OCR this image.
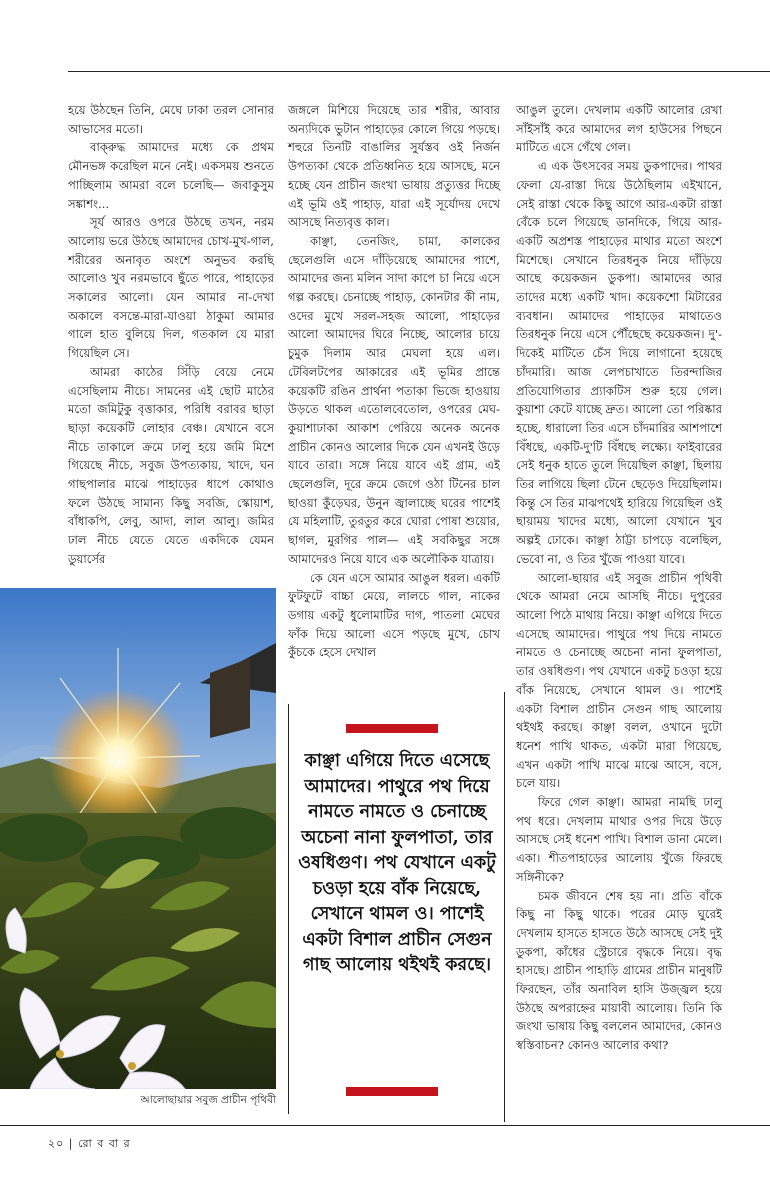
হয়ে উঠছেন তিনি, মেঘে ঢাকা তরল সোনার আভাসের মতো।

বাক্‌রুদ্ধ আমাদের মধ্যে কে প্রথম মৌনভঙ্গ করেছিল মনে নেই। একসময় শুনতে পাচ্ছিলাম আমরা বলে চলেছি— জবাকুসুম সঙ্কাশং...

সূর্য আরও ওপরে উঠছে তখন, নরম আলোয় ভরে উঠছে আমাদের চোখ-মুখ-গাল, শরীরের অনাবৃত অংশে অনুভব করছি আলোও খুব নরমভাবে ছুঁতে পারে, পাহাড়ের সকালের আলো। যেন আমার না-দেখা অকালে বসন্তে-মারা-যাওয়া ঠাকুমা আমার গালে হাত বুলিয়ে দিল, গতকাল যে মারা গিয়েছিল সে।

আমরা কাঠের সিঁড়ি বেয়ে নেমে এসেছিলাম নীচে। সামনের এই ছোট মাঠের মতো জমিটুকু বৃত্তাকার, পরিধি বরাবর ছাড়া ছাড়া কয়েকটি লোহার বেঞ্চ। যেখানে বসে নীচে তাকালে ক্রমে ঢালু হয়ে জমি মিশে গিয়েছে নীচে, সবুজ উপত্যকায়, খাদে, ঘন গাছপালার মাঝে পাহাড়ের ধাপে কোথাও ফলে উঠছে সামান্য কিছু সবজি, স্কোয়াশ, বাঁধাকপি, লেবু, আদা, লাল আলু। জমির ঢাল নীচে যেতে যেতে একদিকে যেমন ডুয়ার্সের

জঙ্গলে মিশিয়ে দিয়েছে তার শরীর, আবার অন্যদিকে ভুটান পাহাড়ের কোলে গিয়ে পড়ছে। শহুরে তিনটি বাঙালির সুর্যস্তব ওই নির্জন উপত্যকা থেকে প্রতিধ্বনিত হয়ে আসছে, মনে হচ্ছে যেন প্রাচীন জংখা ভাষায় প্রত্যুত্তর দিচ্ছে এই ভূমি ওই পাহাড়, যারা এই সূর্যোদয় দেখে আসছে নিত্যবৃত্ত কাল।

কাঞ্ছা, তেনজিং, চামা, কালকের ছেলেগুলি এসে দাঁড়িয়েছে আমাদের পাশে, আমাদের জন্য মলিন সাদা কাপে চা নিয়ে এসে গল্প করছে। চেনাচ্ছে পাহাড়, কোনটার কী নাম, ওদের মুখে সরল-সহজ আলো, পাহাড়ের আলো আমাদের ঘিরে নিচ্ছে, আলোর চায়ে চুমুক দিলাম আর মেঘলা হয়ে এল। টেবিলটপের আকারের এই ভূমির প্রান্তে কয়েকটি রঙিন প্রার্থনা পতাকা ভিজে হাওয়ায় উড়তে থাকল এতোলবেতোল, ওপরের মেঘ-কুয়াশাঢাকা আকাশ পেরিয়ে অনেক অনেক প্রাচীন কোনও আলোর দিকে যেন এখনই উড়ে যাবে তারা। সঙ্গে নিয়ে যাবে এই গ্রাম, এই ছেলেগুলি, দূরে ক্রমে জেগে ওঠা টিনের চাল ছাওয়া কুঁড়েঘর, উনুন জ্বালাচ্ছে ঘরের পাশেই যে মহিলাটি, তুরতুর করে ঘোরা পোষা শুয়োর, ছাগল, মুরগির পাল— এই সবকিছুর সঙ্গে আমাদেরও নিয়ে যাবে এক অলৌকিক যাত্রায়।

কে যেন এসে আমার আঙুল ধরল। একটি ফুটফুটে বাচ্চা মেয়ে, লালচে গাল, নাকের ডগায় একটু ধুলোমাটির দাগ, পাতলা মেঘের ফাঁক দিয়ে আলো এসে পড়ছে মুখে, চোখ কুঁচকে হেসে দেখাল

আঙুল তুলে। দেখলাম একটি আলোর রেখা সাঁইসাঁই করে আমাদের লগ হাউসের পিছনে মাটিতে এসে গেঁথে গেল।

এ এক উৎসবের সময় ডুকপাদের। পাথর ফেলা যে-রাস্তা দিয়ে উঠেছিলাম এইখানে, সেই রাস্তা থেকে কিছু আগে আর-একটা রাস্তা বেঁকে চলে গিয়েছে ডানদিকে, গিয়ে আর-একটি অপ্রশস্ত পাহাড়ের মাথার মতো অংশে মিশেছে। সেখানে তিরধনুক নিয়ে দাঁড়িয়ে আছে কয়েকজন ডুকপা। আমাদের আর তাদের মধ্যে একটি খাদ। কয়েকশো মিটারের ব্যবধান। আমাদের পাহাড়ের মাথাতেও তিরধনুক নিয়ে এসে পৌঁছেছে কয়েকজন। দু'-দিকেই মাটিতে চেঁস দিয়ে লাগানো হয়েছে চাঁদমারি। আজ লেপচাখাতে তিরন্দাজির প্রতিযোগিতার প্র্যাকটিস শুরু হয়ে গেল। কুয়াশা কেটে যাচ্ছে দ্রুত। আলো তো পরিষ্কার হচ্ছে, ধারালো তির এসে চাঁদমারির আশপাশে বিঁধছে, একটি-দু'টি বিঁধছে লক্ষ্যে। ফাইবারের সেই ধনুক হাতে তুলে দিয়েছিল কাঞ্ছা, ছিলায় তির লাগিয়ে ছিলা টেনে ছেড়েও দিয়েছিলাম। কিন্তু সে তির মাঝপথেই হারিয়ে গিয়েছিল ওই ছায়াময় খাদের মধ্যে, আলো যেখানে খুব অল্পই ঢোকে। কাঞ্ছা ঠাট্টা চাপড়ে বলেছিল, ভেবো না, ও তির খুঁজে পাওয়া যাবে।

আলো-ছায়ার এই সবুজ প্রাচীন পৃথিবী থেকে আমরা নেমে আসছি নীচে। দুপুরের আলো পিঠে মাথায় নিয়ে। কাঞ্ছা এগিয়ে দিতে এসেছে আমাদের। পাথুরে পথ দিয়ে নামতে নামতে ও চেনাচ্ছে অচেনা নানা ফুলপাতা, তার ওষধিগুণ। পথ যেখানে একটু চওড়া হয়ে বাঁক নিয়েছে, সেখানে থামল ও। পাশেই একটা বিশাল প্রাচীন সেগুন গাছ আলোয় থইথই করছে। কাঞ্ছা বলল, ওখানে দুটো ধনেশ পাখি থাকত, একটা মারা গিয়েছে, এখন একটা পাখি মাঝে মাঝে আসে, বসে, চলে যায়।

ফিরে গেল কাঞ্ছা। আমরা নামছি ঢালু পথ ধরে। দেখলাম মাথার ওপর দিয়ে উড়ে আসছে সেই ধনেশ পাখি। বিশাল ডানা মেলে। একা। শীতপাহাড়ের আলোয় খুঁজে ফিরছে সঙ্গিনীকে?

চমক জীবনে শেষ হয় না। প্রতি বাঁকে কিছু না কিছু থাকে। পরের মোড় ঘুরেই দেখলাম হাসতে হাসতে উঠে আসছে সেই দুই ডুকপা, কাঁধের স্ট্রেচারে বৃদ্ধকে নিয়ে। বৃদ্ধ হাসছে। প্রাচীন পাহাড়ি গ্রামের প্রাচীন মানুষটি ফিরছেন, তাঁর অনাবিল হাসি উজ্জ্বল হয়ে উঠছে অপরাহ্নের মায়াবী আলোয়। তিনি কি জংখা ভাষায় কিছু বললেন আমাদের, কোনও স্বস্তিবাচন? কোনও আলোর কথা?

আলোছায়ার সবুজ প্রাচীন পৃথিবী
কাঞ্ছা এগিয়ে দিতে এসেছে আমাদের। পাথুরে পথ দিয়ে নামতে নামতে ও চেনাচ্ছে অচেনা নানা ফুলপাতা, তার ওষধিগুণ। পথ যেখানে একটু চওড়া হয়ে বাঁক নিয়েছে, সেখানে থামল ও। পাশেই একটা বিশাল প্রাচীন সেগুন গাছ আলোয় থইথই করছে।
২০ | রো ব বা র
